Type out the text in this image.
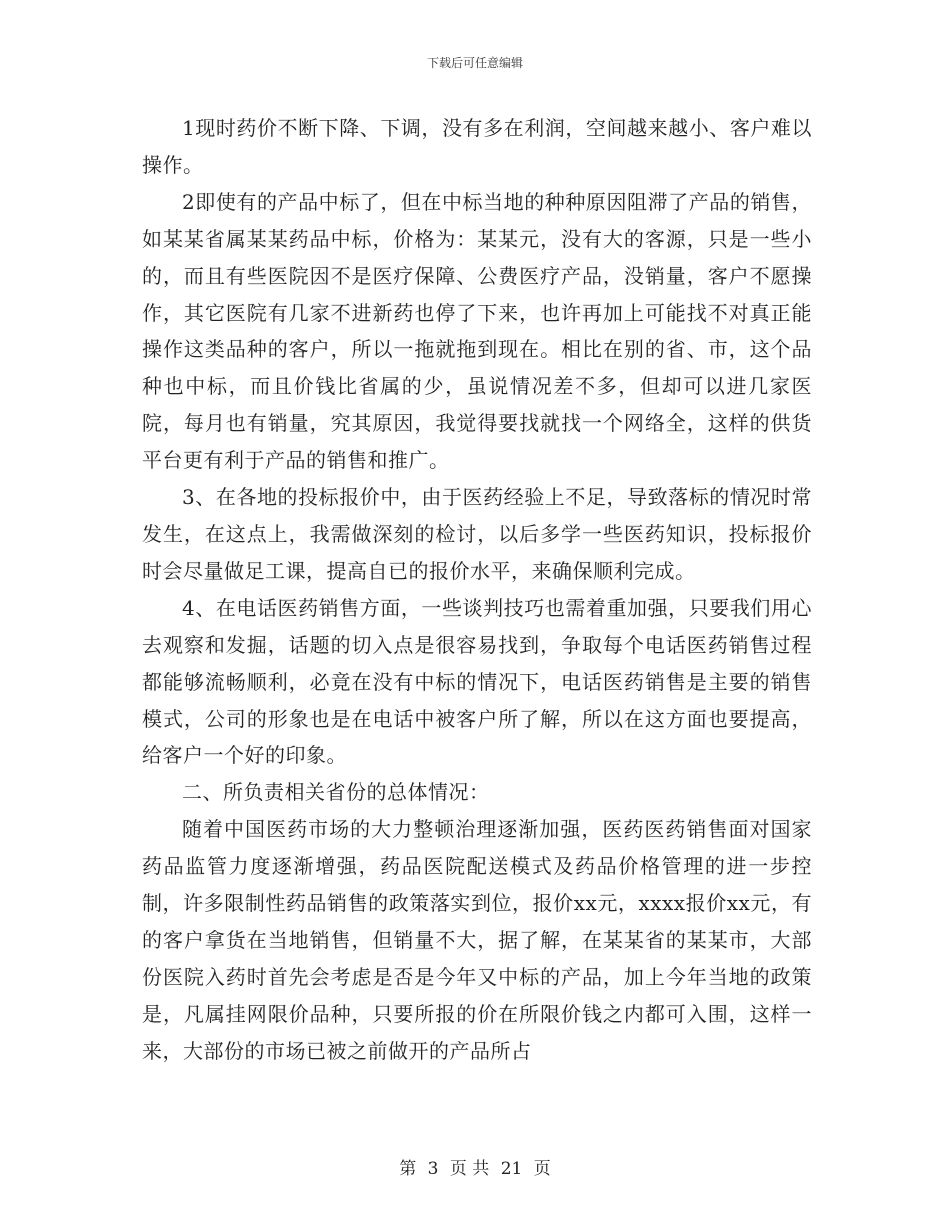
下载后可任意编辑

1现时药价不断下降、下调，没有多在利润，空间越来越小、客户难以操作。

2即使有的产品中标了，但在中标当地的种种原因阻滞了产品的销售，如某某省属某某药品中标，价格为：某某元，没有大的客源，只是一些小的，而且有些医院因不是医疗保障、公费医疗产品，没销量，客户不愿操作，其它医院有几家不进新药也停了下来，也许再加上可能找不对真正能操作这类品种的客户，所以一拖就拖到现在。相比在别的省、市，这个品种也中标，而且价钱比省属的少，虽说情况差不多，但却可以进几家医院，每月也有销量，究其原因，我觉得要找就找一个网络全，这样的供货平台更有利于产品的销售和推广。

3、在各地的投标报价中，由于医药经验上不足，导致落标的情况时常发生，在这点上，我需做深刻的检讨，以后多学一些医药知识，投标报价时会尽量做足工课，提高自已的报价水平，来确保顺利完成。

4、在电话医药销售方面，一些谈判技巧也需着重加强，只要我们用心去观察和发掘，话题的切入点是很容易找到，争取每个电话医药销售过程都能够流畅顺利，必竟在没有中标的情况下，电话医药销售是主要的销售模式，公司的形象也是在电话中被客户所了解，所以在这方面也要提高，给客户一个好的印象。

二、所负责相关省份的总体情况：

随着中国医药市场的大力整顿治理逐渐加强，医药医药销售面对国家药品监管力度逐渐增强，药品医院配送模式及药品价格管理的进一步控制，许多限制性药品销售的政策落实到位，报价xx元，xxxx报价xx元，有的客户拿货在当地销售，但销量不大，据了解，在某某省的某某市，大部份医院入药时首先会考虑是否是今年又中标的产品，加上今年当地的政策是，凡属挂网限价品种，只要所报的价在所限价钱之内都可入围，这样一来，大部份的市场已被之前做开的产品所占

第 3 页 共 21 页
